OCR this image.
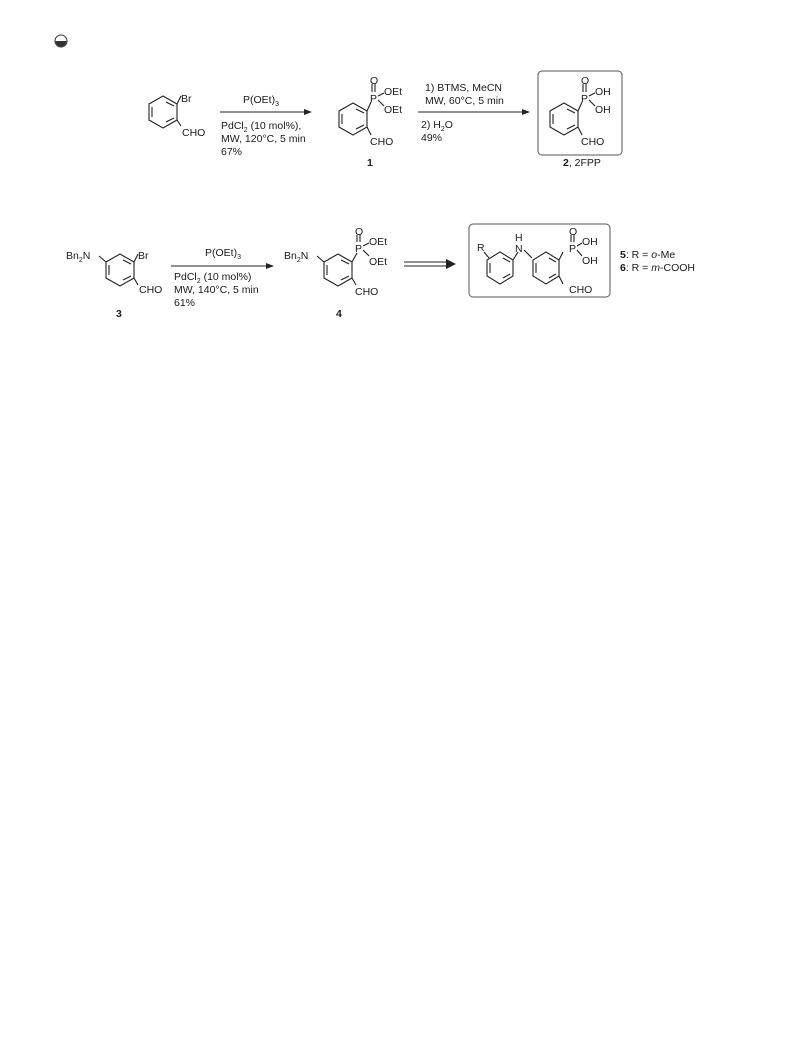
Br
CHO
$P(OEt)_3$
PdCl$_2$ (10 mol%),
MW, 120°C, 5 min
67%
P
O
OEt
OEt
CHO
1
1) BTMS, MeCN
MW, 60°C, 5 min
2) $H_2O$
49%
P
O
OH
OH
CHO
2, 2FPP
$Bn_2N$	Br
CHO
3
$P(OEt)_3$
PdCl$_2$ (10 mol%)
MW, 140°C, 5 min
61%
$Bn_2N$
P
O
OEt
OEt
CHO
4
R
H
N	P
O
OH
OH
CHO
5: R = o-Me
6: R = m-COOH
